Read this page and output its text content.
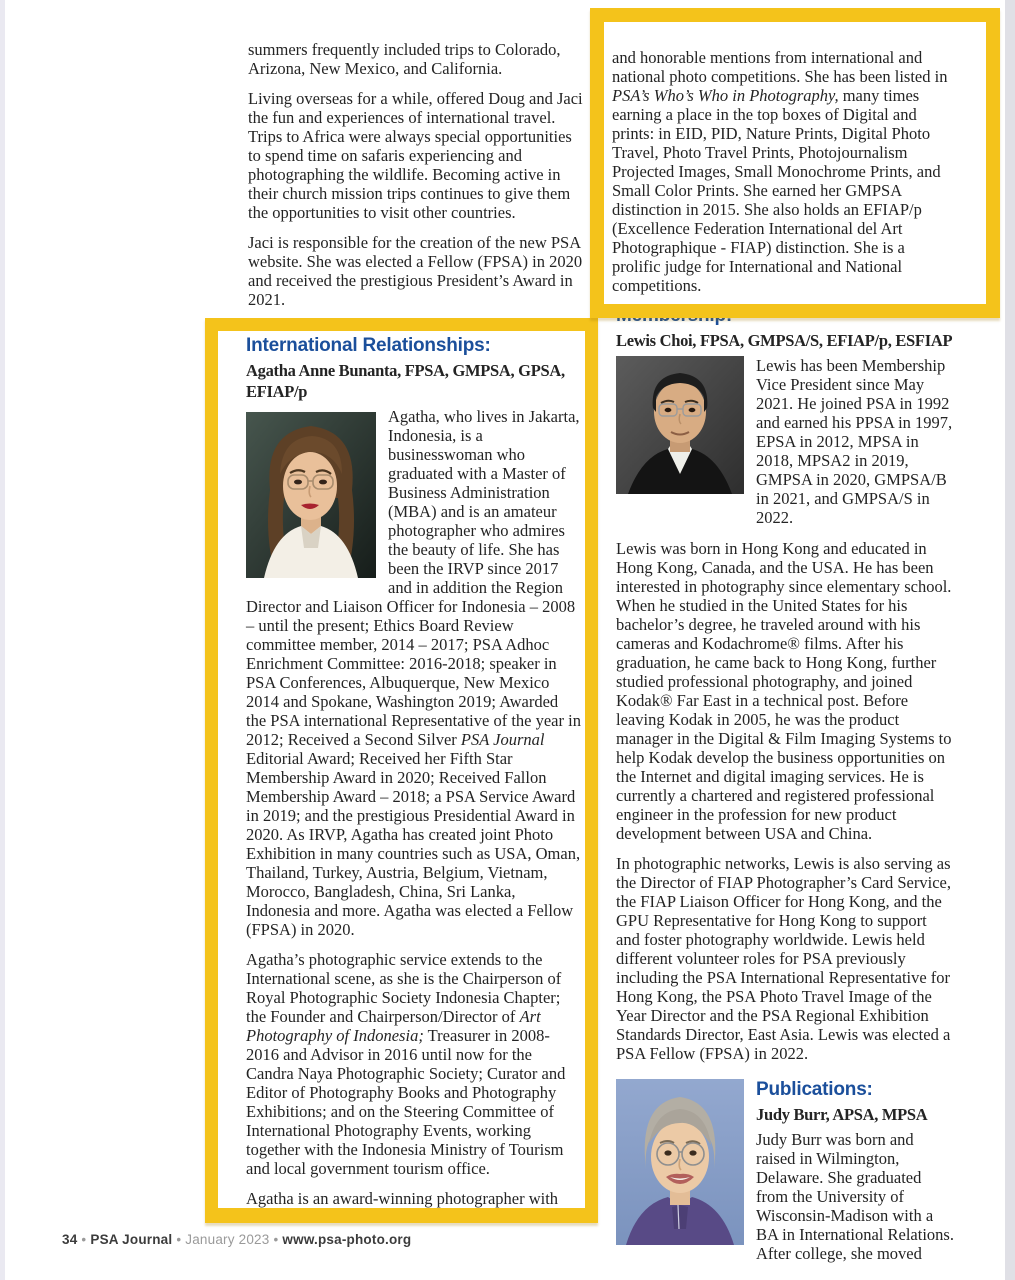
summers frequently included trips to Colorado, Arizona, New Mexico, and California.

Living overseas for a while, offered Doug and Jaci the fun and experiences of international travel. Trips to Africa were always special opportunities to spend time on safaris experiencing and photographing the wildlife. Becoming active in their church mission trips continues to give them the opportunities to visit other countries.

Jaci is responsible for the creation of the new PSA website. She was elected a Fellow (FPSA) in 2020 and received the prestigious President’s Award in 2021.

and honorable mentions from international and national photo competitions. She has been listed in PSA’s Who’s Who in Photography, many times earning a place in the top boxes of Digital and prints: in EID, PID, Nature Prints, Digital Photo Travel, Photo Travel Prints, Photojournalism Projected Images, Small Monochrome Prints, and Small Color Prints. She earned her GMPSA distinction in 2015. She also holds an EFIAP/p (Excellence Federation International del Art Photographique - FIAP) distinction. She is a prolific judge for International and National competitions.

International Relationships:
Agatha Anne Bunanta, FPSA, GMPSA, GPSA, EFIAP/p

Agatha, who lives in Jakarta, Indonesia, is a businesswoman who graduated with a Master of Business Administration (MBA) and is an amateur photographer who admires the beauty of life. She has been the IRVP since 2017 and in addition the Region Director and Liaison Officer for Indonesia – 2008 – until the present; Ethics Board Review committee member, 2014 – 2017; PSA Adhoc Enrichment Committee: 2016-2018; speaker in PSA Conferences, Albuquerque, New Mexico 2014 and Spokane, Washington 2019; Awarded the PSA international Representative of the year in 2012; Received a Second Silver PSA Journal Editorial Award; Received her Fifth Star Membership Award in 2020; Received Fallon Membership Award – 2018; a PSA Service Award in 2019; and the prestigious Presidential Award in 2020. As IRVP, Agatha has created joint Photo Exhibition in many countries such as USA, Oman, Thailand, Turkey, Austria, Belgium, Vietnam, Morocco, Bangladesh, China, Sri Lanka, Indonesia and more. Agatha was elected a Fellow (FPSA) in 2020.

Agatha’s photographic service extends to the International scene, as she is the Chairperson of Royal Photographic Society Indonesia Chapter; the Founder and Chairperson/Director of Art Photography of Indonesia; Treasurer in 2008-2016 and Advisor in 2016 until now for the Candra Naya Photographic Society; Curator and Editor of Photography Books and Photography Exhibitions; and on the Steering Committee of International Photography Events, working together with the Indonesia Ministry of Tourism and local government tourism office.

Agatha is an award-winning photographer with more than 3,000 acceptances in international

Lewis Choi, FPSA, GMPSA/S, EFIAP/p, ESFIAP
Lewis has been Membership Vice President since May 2021. He joined PSA in 1992 and earned his PPSA in 1997, EPSA in 2012, MPSA in 2018, MPSA2 in 2019, GMPSA in 2020, GMPSA/B in 2021, and GMPSA/S in 2022.

Lewis was born in Hong Kong and educated in Hong Kong, Canada, and the USA. He has been interested in photography since elementary school. When he studied in the United States for his bachelor’s degree, he traveled around with his cameras and Kodachrome® films. After his graduation, he came back to Hong Kong, further studied professional photography, and joined Kodak® Far East in a technical post. Before leaving Kodak in 2005, he was the product manager in the Digital & Film Imaging Systems to help Kodak develop the business opportunities on the Internet and digital imaging services. He is currently a chartered and registered professional engineer in the profession for new product development between USA and China.

In photographic networks, Lewis is also serving as the Director of FIAP Photographer’s Card Service, the FIAP Liaison Officer for Hong Kong, and the GPU Representative for Hong Kong to support and foster photography worldwide. Lewis held different volunteer roles for PSA previously including the PSA International Representative for Hong Kong, the PSA Photo Travel Image of the Year Director and the PSA Regional Exhibition Standards Director, East Asia. Lewis was elected a PSA Fellow (FPSA) in 2022.

Publications:
Judy Burr, APSA, MPSA
Judy Burr was born and raised in Wilmington, Delaware. She graduated from the University of Wisconsin-Madison with a BA in International Relations. After college, she moved
34 • PSA Journal • January 2023 • www.psa-photo.org
